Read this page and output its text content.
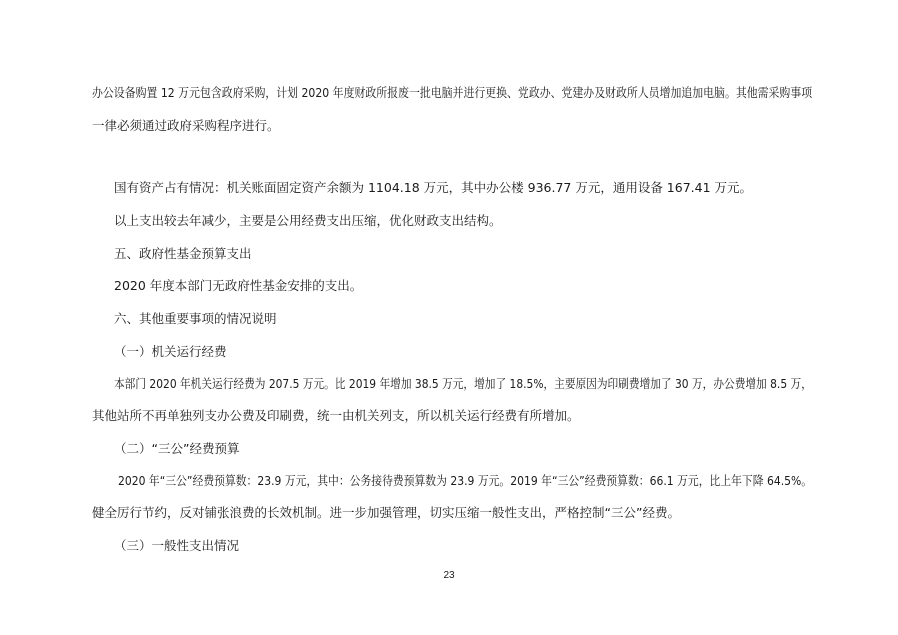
办公设备购置 12 万元包含政府采购，计划 2020 年度财政所报废一批电脑并进行更换、党政办、党建办及财政所人员增加追加电脑。其他需采购事项
一律必须通过政府采购程序进行。
国有资产占有情况：机关账面固定资产余额为 1104.18 万元，其中办公楼 936.77 万元，通用设备 167.41 万元。
以上支出较去年减少，主要是公用经费支出压缩，优化财政支出结构。
五、政府性基金预算支出
2020 年度本部门无政府性基金安排的支出。
六、其他重要事项的情况说明
（一）机关运行经费
本部门 2020 年机关运行经费为 207.5 万元。比 2019 年增加 38.5 万元，增加了 18.5%，主要原因为印刷费增加了 30 万，办公费增加 8.5 万，
其他站所不再单独列支办公费及印刷费，统一由机关列支，所以机关运行经费有所增加。
（二）“三公”经费预算
2020 年“三公”经费预算数：23.9 万元，其中：公务接待费预算数为 23.9 万元。2019 年“三公”经费预算数：66.1 万元，比上年下降 64.5%。
健全厉行节约，反对铺张浪费的长效机制。进一步加强管理，切实压缩一般性支出，严格控制“三公”经费。
（三）一般性支出情况
23
